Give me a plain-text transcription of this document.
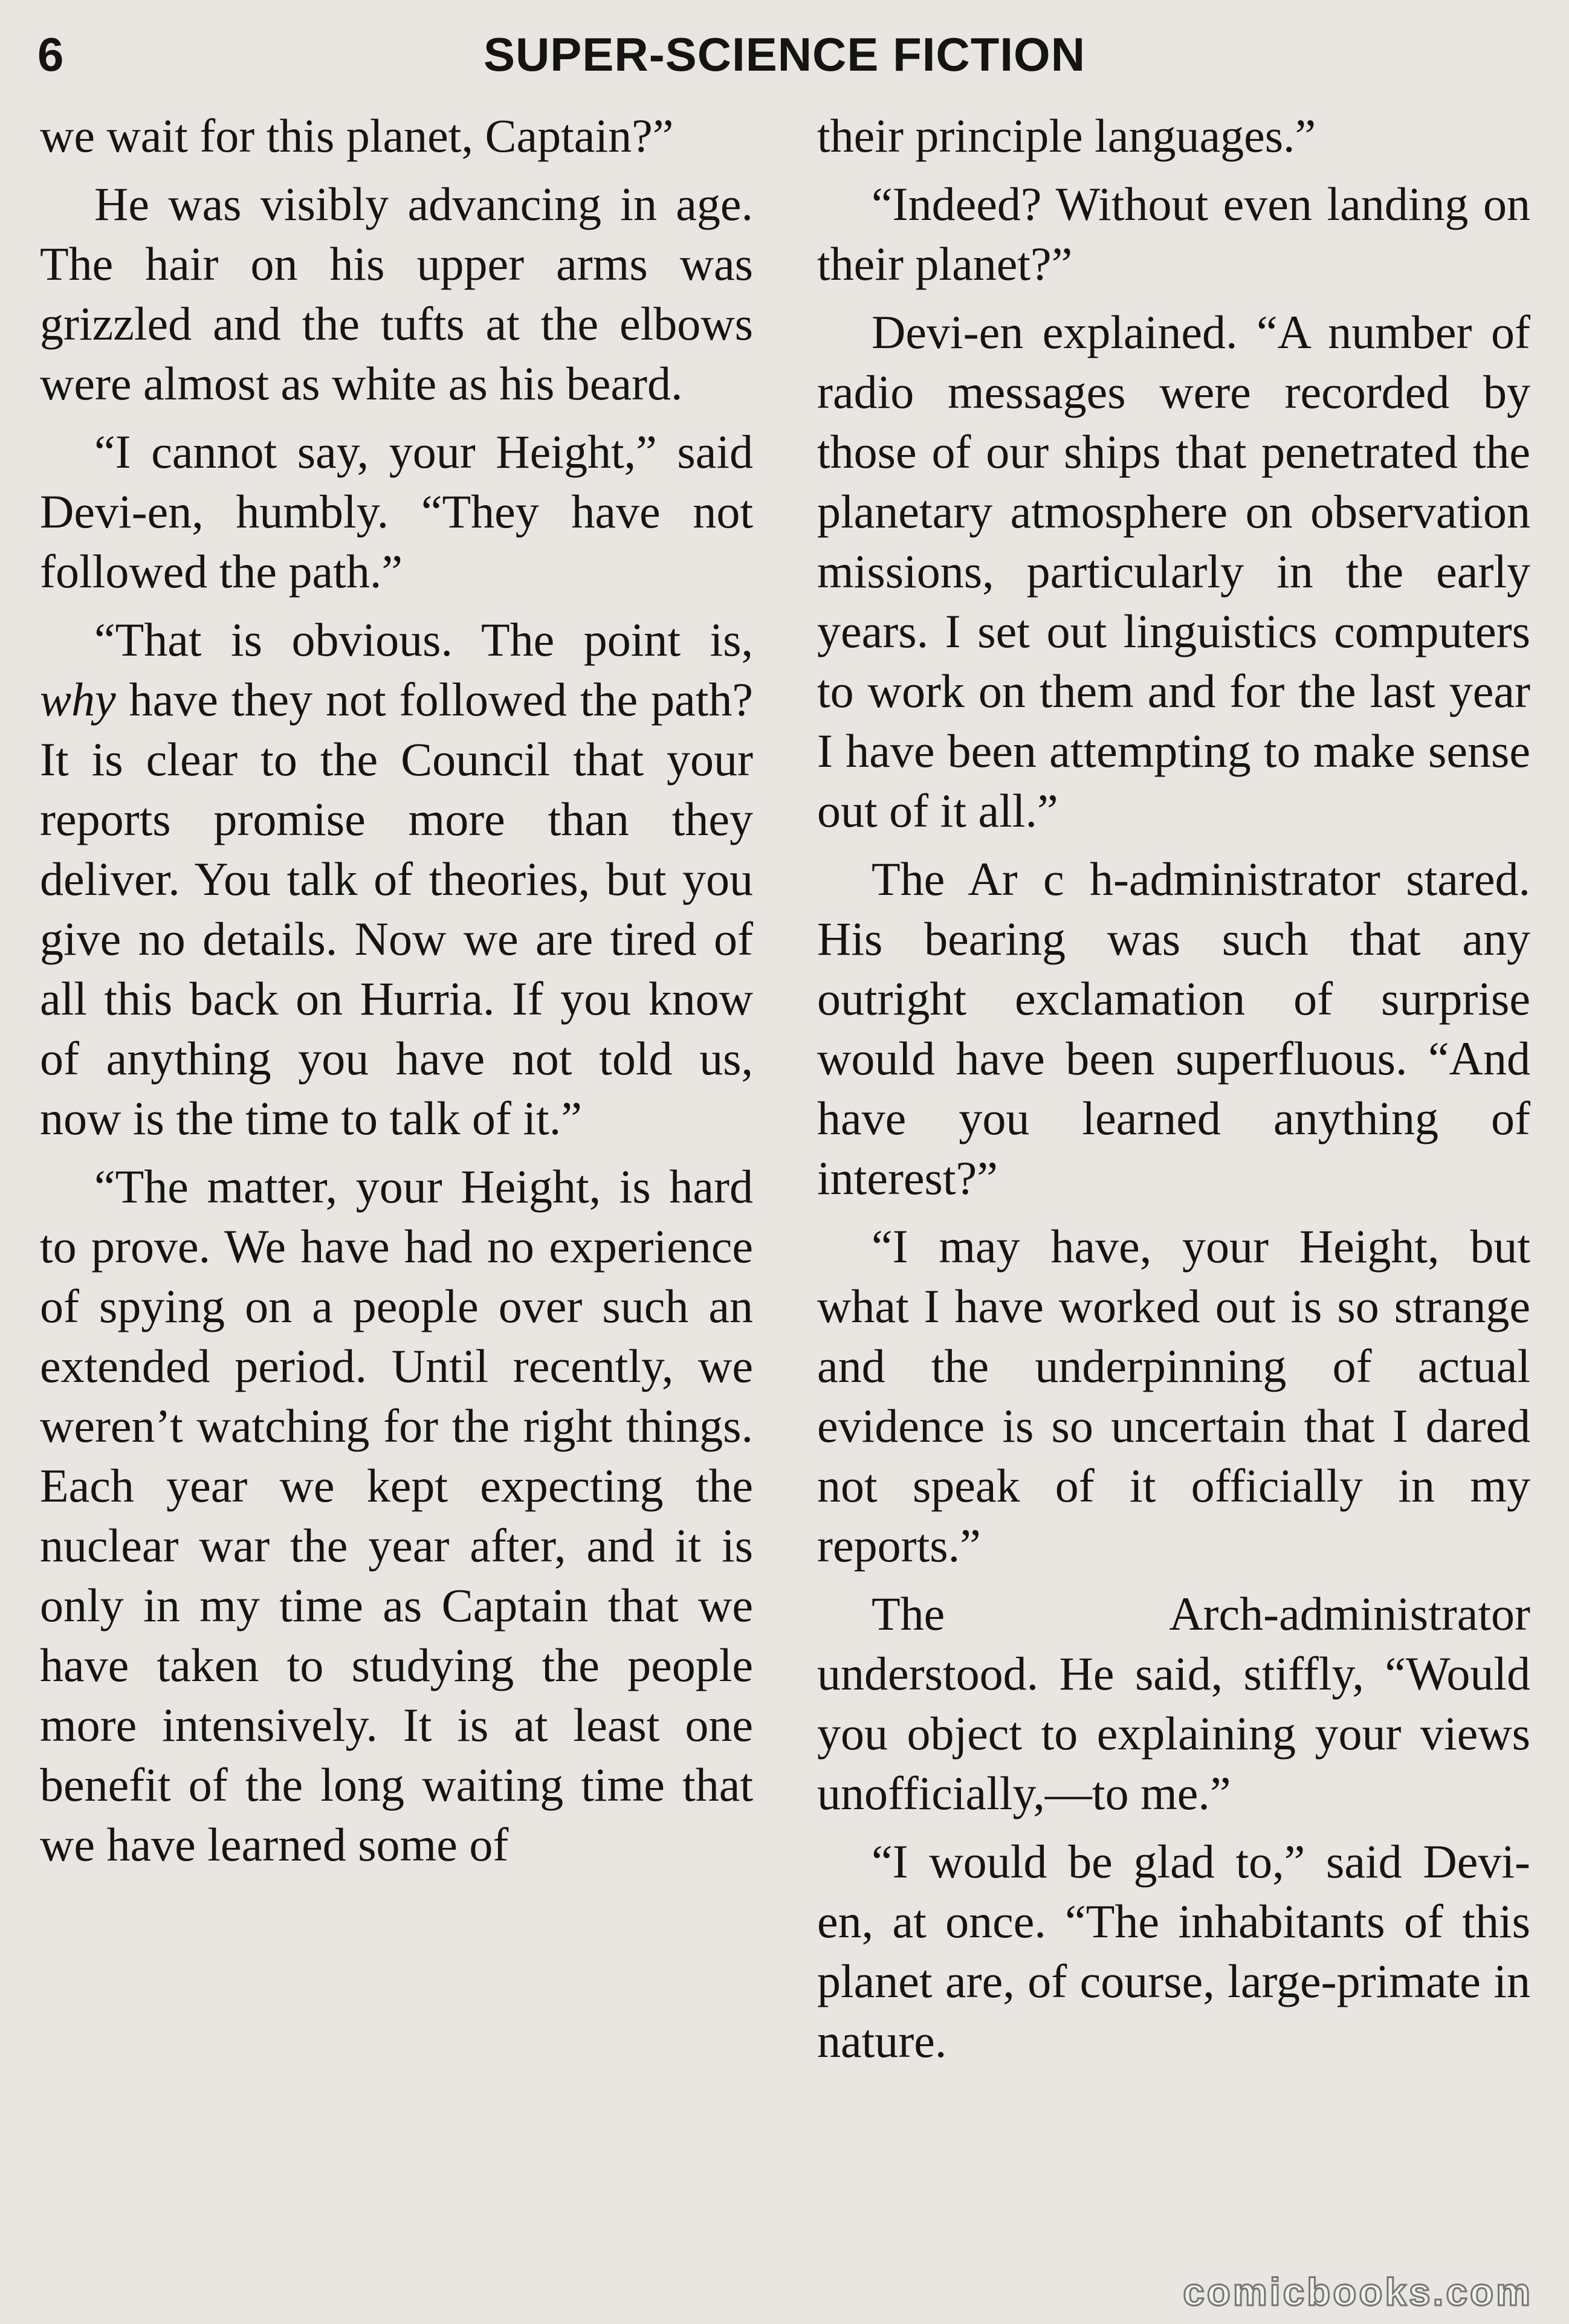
6	SUPER-SCIENCE FICTION

we wait for this planet, Captain?”

He was visibly advancing in age. The hair on his upper arms was grizzled and the tufts at the elbows were almost as white as his beard.

“I cannot say, your Height,” said Devi-en, humbly. “They have not followed the path.”

“That is obvious. The point is, why have they not followed the path? It is clear to the Council that your reports promise more than they deliver. You talk of theories, but you give no details. Now we are tired of all this back on Hurria. If you know of anything you have not told us, now is the time to talk of it.”

“The matter, your Height, is hard to prove. We have had no experience of spying on a people over such an extended period. Until recently, we weren’t watching for the right things. Each year we kept expecting the nuclear war the year after, and it is only in my time as Captain that we have taken to studying the people more intensively. It is at least one benefit of the long waiting time that we have learned some of

their principle languages.”

“Indeed? Without even landing on their planet?”

Devi-en explained. “A number of radio messages were recorded by those of our ships that penetrated the planetary atmosphere on observation missions, particularly in the early years. I set out linguistics computers to work on them and for the last year I have been attempting to make sense out of it all.”

The Ar c h-administrator stared. His bearing was such that any outright exclamation of surprise would have been superfluous. “And have you learned anything of interest?”

“I may have, your Height, but what I have worked out is so strange and the underpinning of actual evidence is so uncertain that I dared not speak of it officially in my reports.”

The Arch-administrator understood. He said, stiffly, “Would you object to explaining your views unofficially,—to me.”

“I would be glad to,” said Devi-en, at once. “The inhabitants of this planet are, of course, large-primate in nature.

comicbooks.com
